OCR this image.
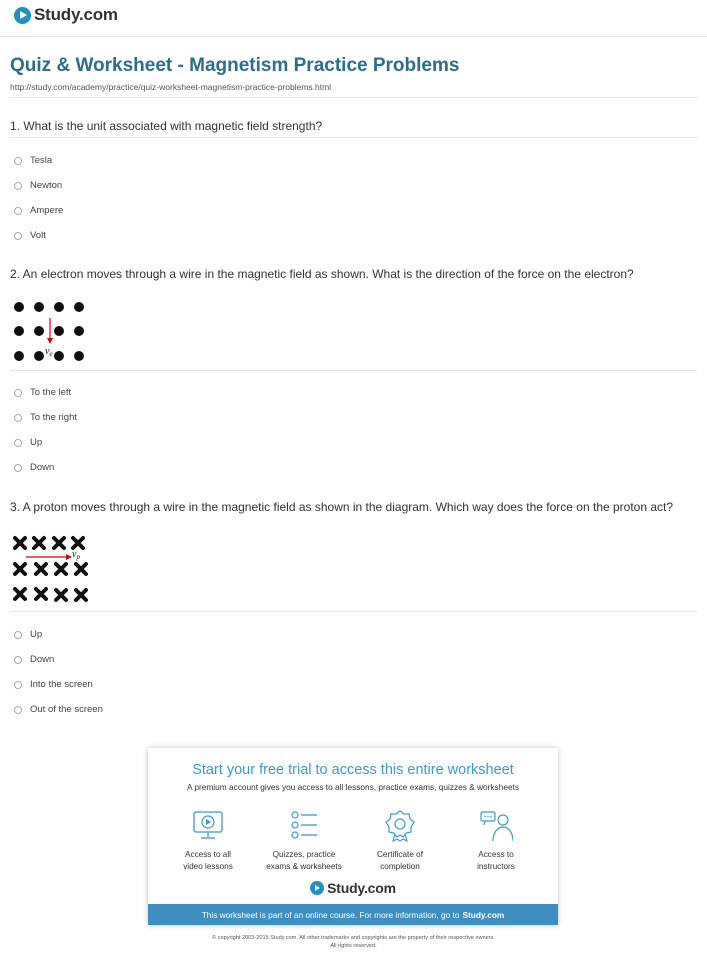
Study.com
Quiz & Worksheet - Magnetism Practice Problems
http://study.com/academy/practice/quiz-worksheet-magnetism-practice-problems.html
1. What is the unit associated with magnetic field strength?
Tesla
Newton
Ampere
Volt
2. An electron moves through a wire in the magnetic field as shown. What is the direction of the force on the electron?
$v_e$
To the left
To the right
Up
Down
3. A proton moves through a wire in the magnetic field as shown in the diagram. Which way does the force on the proton act?
$v_p$
Up
Down
Into the screen
Out of the screen
Start your free trial to access this entire worksheet
A premium account gives you access to all lessons, practice exams, quizzes & worksheets
Access to all
video lessons
Quizzes, practice
exams & worksheets
Certificate of
completion
Access to
instructors
Study.com
This worksheet is part of an online course. For more information, go to Study.com
© copyright 2003-2015 Study.com. All other trademarks and copyrights are the property of their respective owners.
All rights reserved.
